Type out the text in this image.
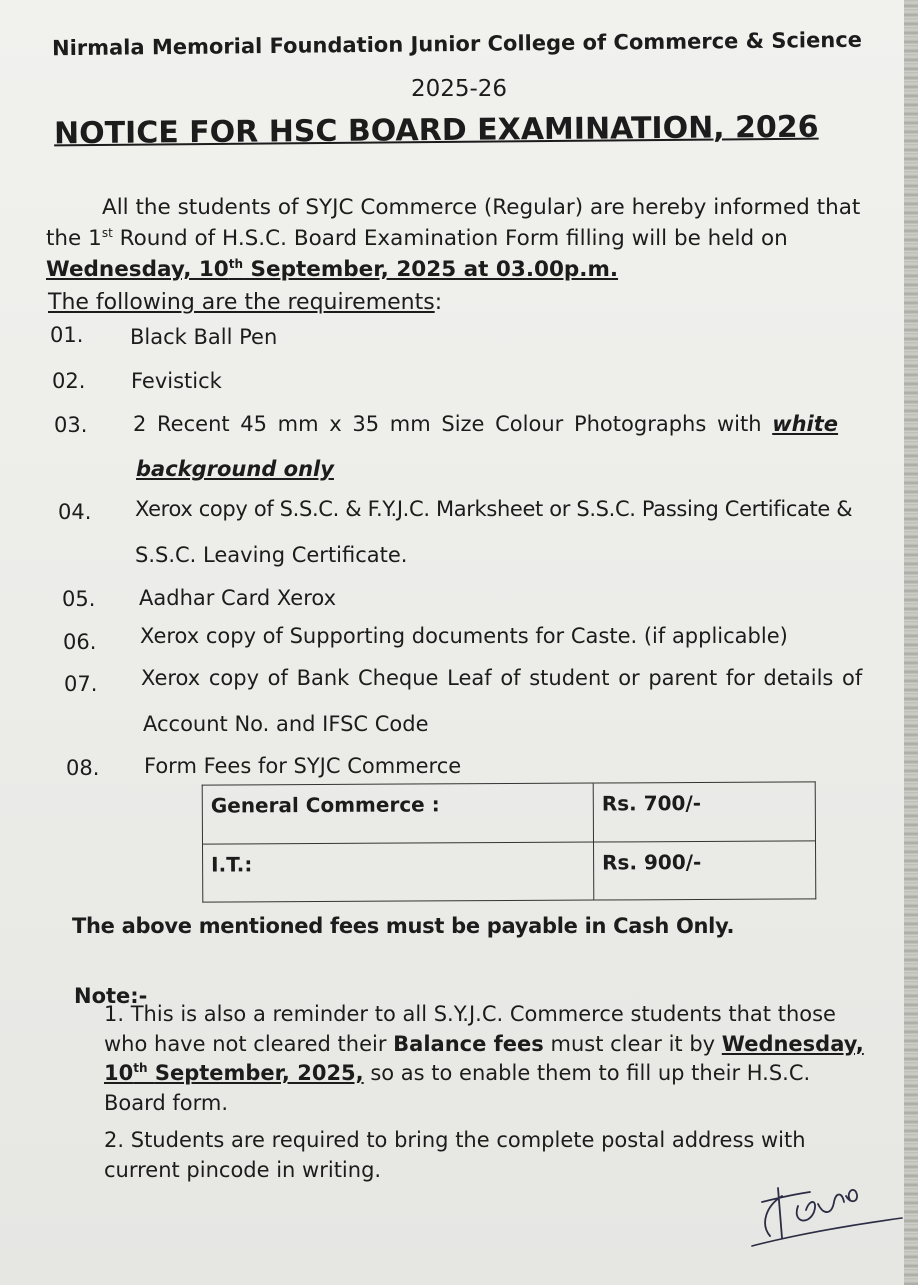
Nirmala Memorial Foundation Junior College of Commerce & Science
2025-26
NOTICE FOR HSC BOARD EXAMINATION, 2026
All the students of SYJC Commerce (Regular) are hereby informed that
the 1st Round of H.S.C. Board Examination Form filling will be held on
Wednesday, 10th September, 2025 at 03.00p.m.
The following are the requirements:
01. Black Ball Pen
02. Fevistick
03. 2 Recent 45 mm x 35 mm Size Colour Photographs with white
background only
04. Xerox copy of S.S.C. & F.Y.J.C. Marksheet or S.S.C. Passing Certificate &
S.S.C. Leaving Certificate.
05. Aadhar Card Xerox
06. Xerox copy of Supporting documents for Caste. (if applicable)
07. Xerox copy of Bank Cheque Leaf of student or parent for details of
Account No. and IFSC Code
08. Form Fees for SYJC Commerce
General Commerce :	Rs. 700/-
I.T.:	Rs. 900/-
The above mentioned fees must be payable in Cash Only.
Note:-
1. This is also a reminder to all S.Y.J.C. Commerce students that those who have not cleared their Balance fees must clear it by Wednesday, 10th September, 2025, so as to enable them to fill up their H.S.C. Board form.
2. Students are required to bring the complete postal address with current pincode in writing.
